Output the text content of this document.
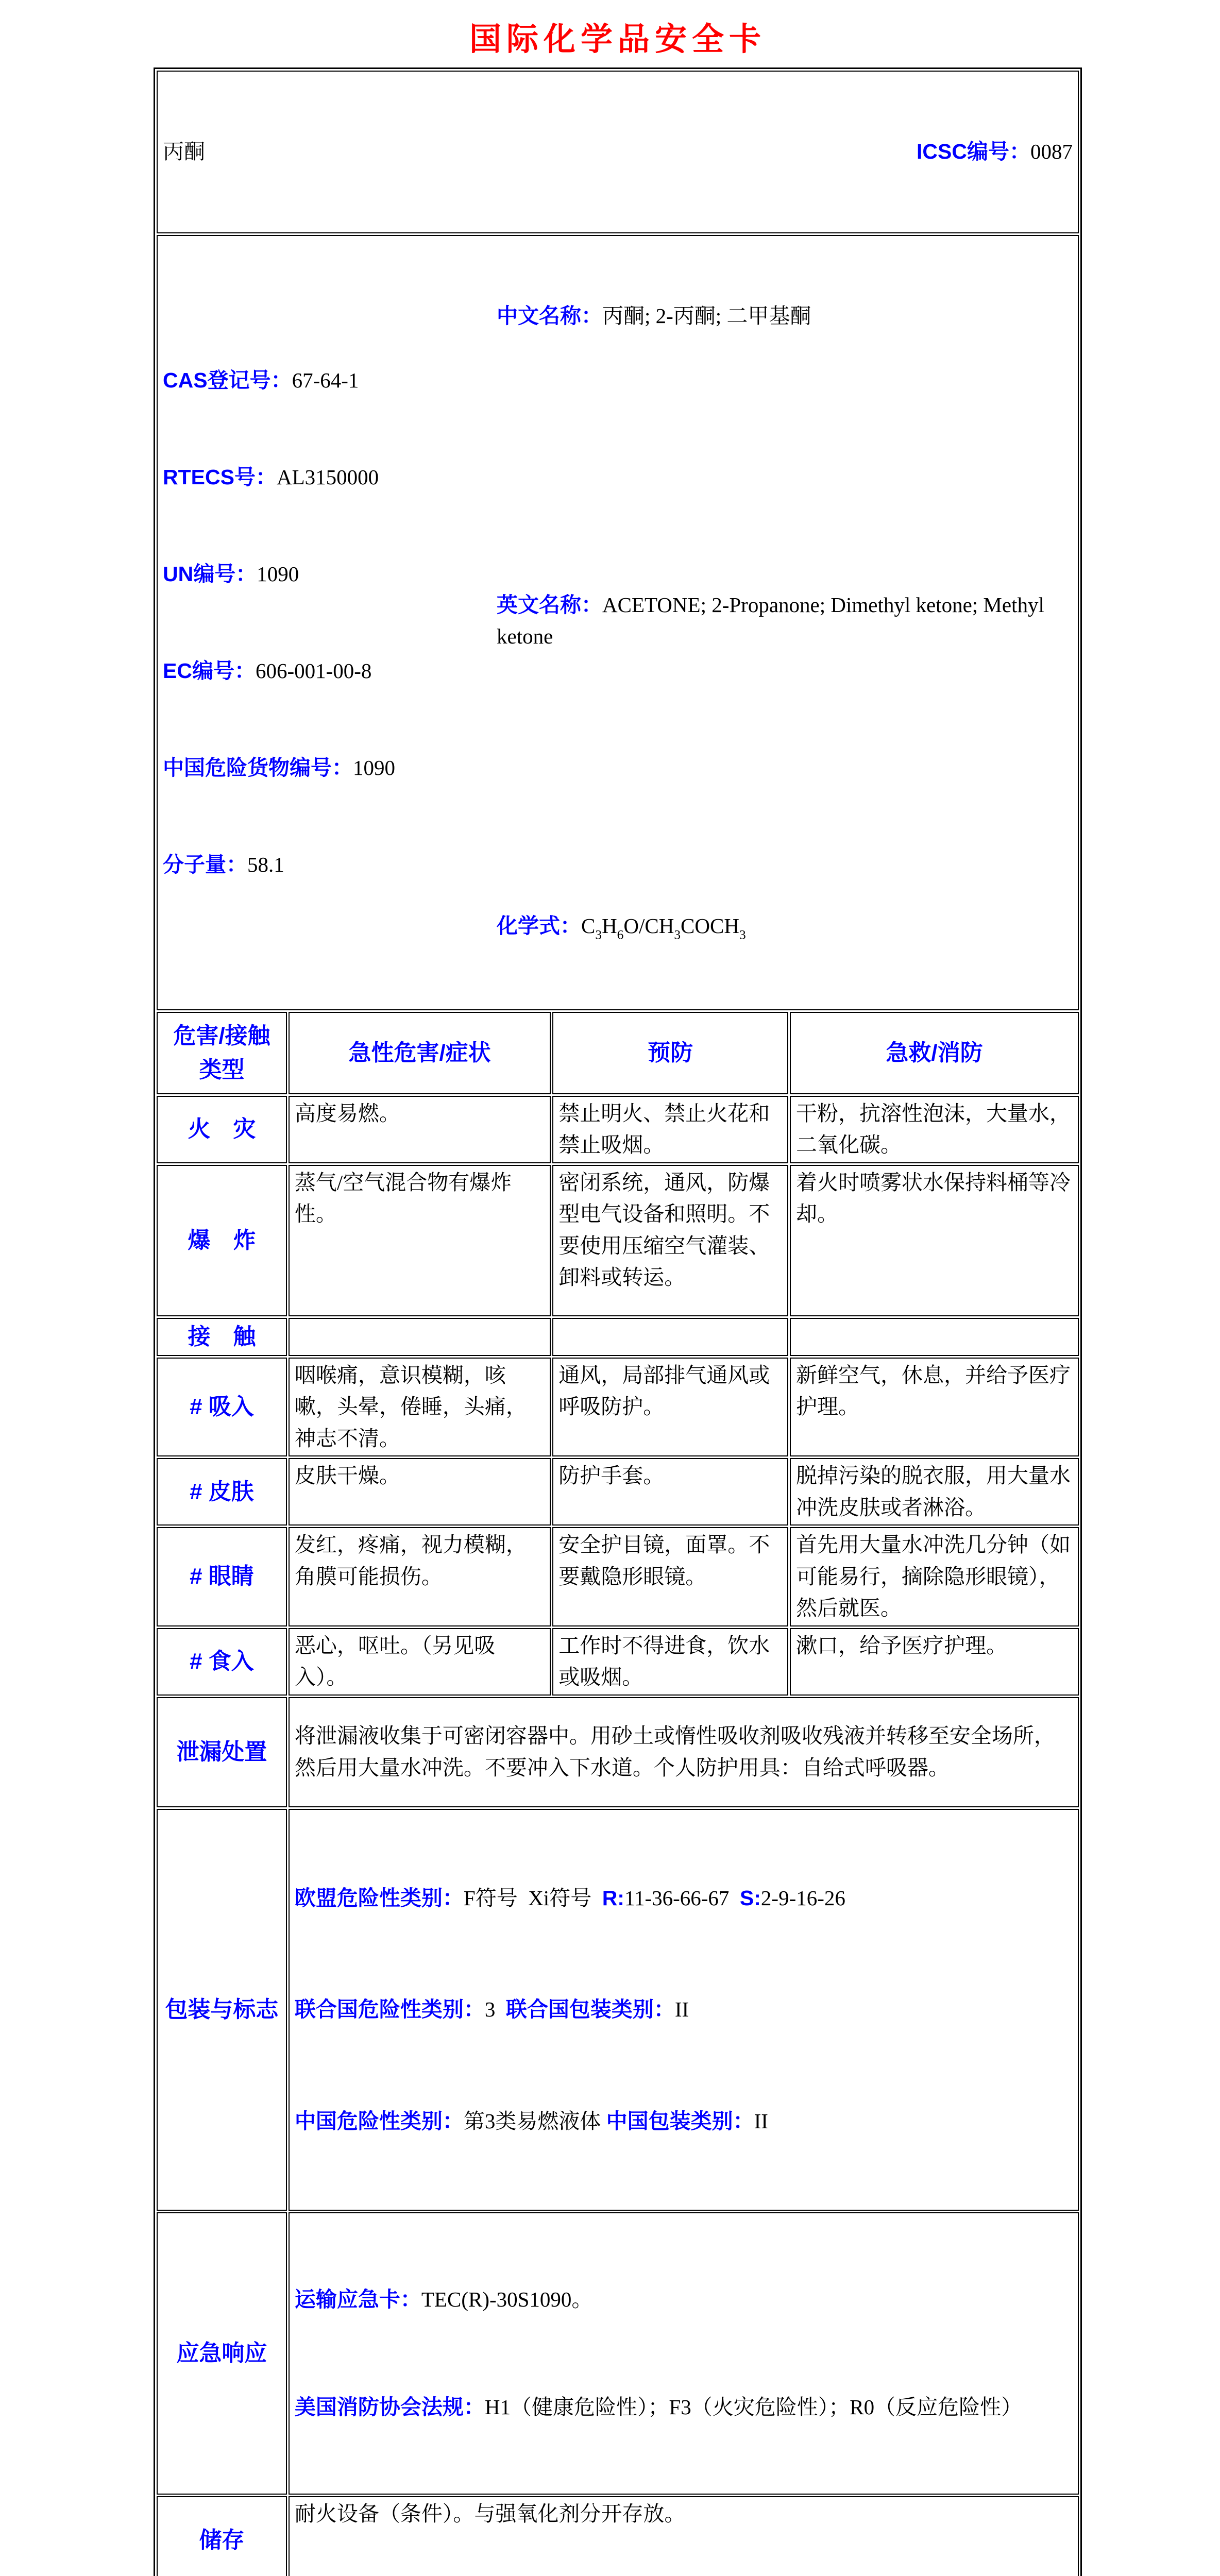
国际化学品安全卡

丙酮 ICSC编号：0087			

CAS登记号：67-64-1

RTECS号：AL3150000

UN编号：1090

EC编号：606-001-00-8

中国危险货物编号：1090

分子量：58.1

中文名称：丙酮; 2-丙酮; 二甲基酮
英文名称：ACETONE; 2-Propanone; Dimethyl ketone; Methyl ketone
化学式：$C_3H_6O/CH_3COCH_3$

危害/接触类型	急性危害/症状	预防	急救/消防
火　灾	高度易燃。	禁止明火、禁止火花和禁止吸烟。	干粉，抗溶性泡沫，大量水，二氧化碳。
爆　炸	蒸气/空气混合物有爆炸性。	密闭系统，通风，防爆型电气设备和照明。不要使用压缩空气灌装、卸料或转运。	着火时喷雾状水保持料桶等冷却。
接　触			
# 吸入	咽喉痛，意识模糊，咳嗽，头晕，倦睡，头痛，神志不清。	通风，局部排气通风或呼吸防护。	新鲜空气，休息，并给予医疗护理。
# 皮肤	皮肤干燥。	防护手套。	脱掉污染的脱衣服，用大量水冲洗皮肤或者淋浴。
# 眼睛	发红，疼痛，视力模糊，角膜可能损伤。	安全护目镜，面罩。不要戴隐形眼镜。	首先用大量水冲洗几分钟（如可能易行，摘除隐形眼镜），然后就医。
# 食入	恶心，呕吐。（另见吸入）。	工作时不得进食，饮水或吸烟。	漱口，给予医疗护理。
泄漏处置	将泄漏液收集于可密闭容器中。用砂土或惰性吸收剂吸收残液并转移至安全场所，然后用大量水冲洗。不要冲入下水道。个人防护用具：自给式呼吸器。		
包装与标志	欧盟危险性类别：F符号  Xi符号  R:11-36-66-67  S:2-9-16-26

联合国危险性类别：3  联合国包装类别：II

中国危险性类别：第3类易燃液体 中国包装类别：II		

应急响应	运输应急卡：TEC(R)-30S1090。

美国消防协会法规：H1（健康危险性）；F3（火灾危险性）；R0（反应危险性）		

储存	耐火设备（条件）。与强氧化剂分开存放。		
